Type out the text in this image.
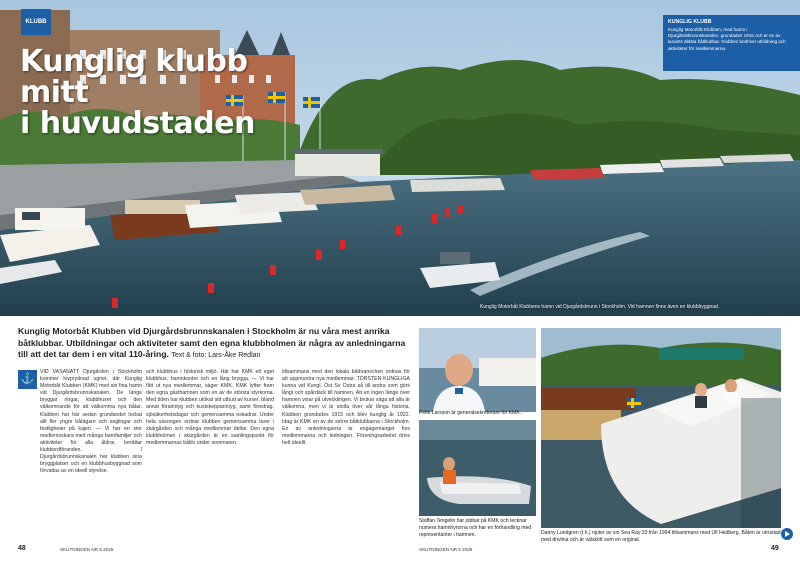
KLUBB
Kunglig klubb mitt
i huvudstaden
KUNGLIG KLUBB
Kunglig Motorbåt Klubben, med hamn i Djurgårdsbrunnskanalen, grundades 1915 och är en av landets äldsta båtklubbar. Klubben bedriver utbildning och aktiviteter för medlemmarna.
Kunglig Motorbåt Klubbens hamn vid Djurgårdsbrunn i Stockholm. Vid hamnen finns även en klubbbyggnad.
Kunglig Motorbåt Klubben vid Djurgårdsbrunnskanalen i Stockholm är nu våra mest anrika båtklubbar. Utbildningar och aktiviteter samt den egna klubbholmen är några av anledningarna till att det tar dem i en vital 110-åring. Text & foto: Lars-Åke Redlan
⚓

VID VASANATT Djurgården i Stockholm kommer lovprydnad ugnet, där Kunglig Motorbåt Klubben (KMK) med sin fina hamn vid Djurgårdsbrunnskanalen. De länge bryggar ringar, klubbhuset och den välkomnande för att välkomma nya båtar. Klubben har här sedan grundandet lockat allt fler yngre båtägare och seglingar och festligheter på kajen. — Vi har en stor medlemsskara med många barnfamiljer och aktiviteter för alla åldrar, berättar klubbordföranden. I Djurgårdsbrunnskanalen har klubben sina bryggplatser och en klubbhusbyggnad som förvaltas av en ideell styrelse.

och klubbhus i historisk miljö. Här har KMK ett eget klubbhus, hamnkontor och en lång brygga. — Vi har fått ut nya medlemmar, säger KMK. KMK lyfter fram den egna gästhamnen som en av de största styrkorna. Med tiden har klubben utökat sitt utbud av kurser, bland annat förarintyg och kustskepparintyg, samt föredrag, sjösäkerhetsdagar och gemensamma eskadrar. Under hela säsongen ordnar klubben gemensamma turer i skärgården och många medlemmar deltar. Den egna klubbholmen i skärgården är en samlingspunkt för medlemmarnas båtliv under sommaren.

tillsammans med den lokala båtbranschen ordnas för att uppmuntra nya medlemmar. TORSTEN KUNGLIGA kunna vid Kungl. Öst Sv Ostra så till andra som görs långt och spårdäck till hamnen. Att en ingen länge över hamnen visar på utvecklingen. Vi brukar säga att alla är välkomna, men vi är stolta över vår långa historia. Klubben grundades 1915 och blev kunglig år 1922. Idag är KMK en av de större båtklubbarna i Stockholm. En av anledningarna är engagemanget hos medlemmarna och ledningen. Föreningsarbetet drivs helt ideellt.

Pelle Larsson är generalsekreterare för KMK.
Staffan Tengelin har jobbat på KMK och tecknar numera hamnhyrorna och har en förhandling med representanter i hamnen.	Danny Lundgren (t.h.) njuter av sin Sea Ray 33 från 1994 tillsammans med Ulf Hedberg. Båten är utrustad med drivlina och är välskött som en original.
48	SKUTNINGEN NR 5 2025	SKUTNINGEN NR 5 2025	49
